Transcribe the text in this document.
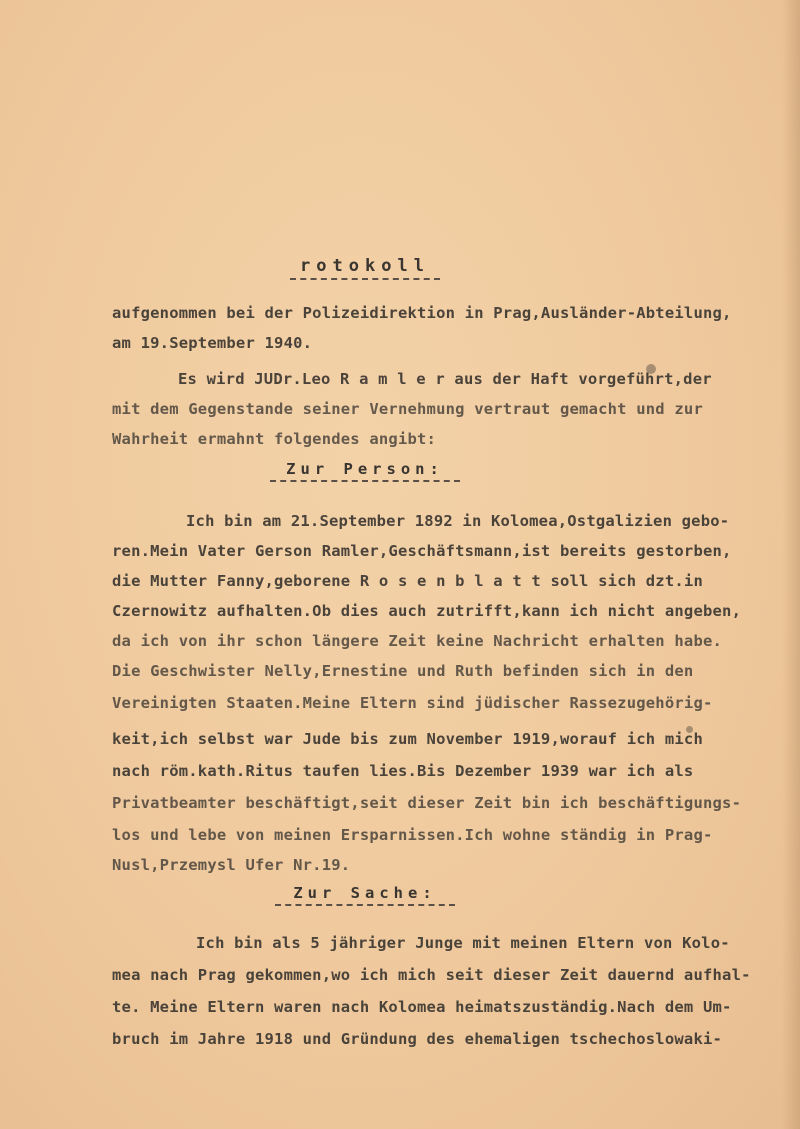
rotokoll
aufgenommen bei der Polizeidirektion in Prag,Ausländer-Abteilung,
am 19.September 1940.
Es wird JUDr.Leo R a m l e r aus der Haft vorgeführt,der
mit dem Gegenstande seiner Vernehmung vertraut gemacht und zur
Wahrheit ermahnt folgendes angibt:
Zur Person:
Ich bin am 21.September 1892 in Kolomea,Ostgalizien gebo-
ren.Mein Vater Gerson Ramler,Geschäftsmann,ist bereits gestorben,
die Mutter Fanny,geborene R o s e n b l a t t soll sich dzt.in
Czernowitz aufhalten.Ob dies auch zutrifft,kann ich nicht angeben,
da ich von ihr schon längere Zeit keine Nachricht erhalten habe.
Die Geschwister Nelly,Ernestine und Ruth befinden sich in den
Vereinigten Staaten.Meine Eltern sind jüdischer Rassezugehörig-
keit,ich selbst war Jude bis zum November 1919,worauf ich mich
nach röm.kath.Ritus taufen lies.Bis Dezember 1939 war ich als
Privatbeamter beschäftigt,seit dieser Zeit bin ich beschäftigungs-
los und lebe von meinen Ersparnissen.Ich wohne ständig in Prag-
Nusl,Przemysl Ufer Nr.19.
Zur Sache:
Ich bin als 5 jähriger Junge mit meinen Eltern von Kolo-
mea nach Prag gekommen,wo ich mich seit dieser Zeit dauernd aufhal-
te. Meine Eltern waren nach Kolomea heimatszuständig.Nach dem Um-
bruch im Jahre 1918 und Gründung des ehemaligen tschechoslowaki-
